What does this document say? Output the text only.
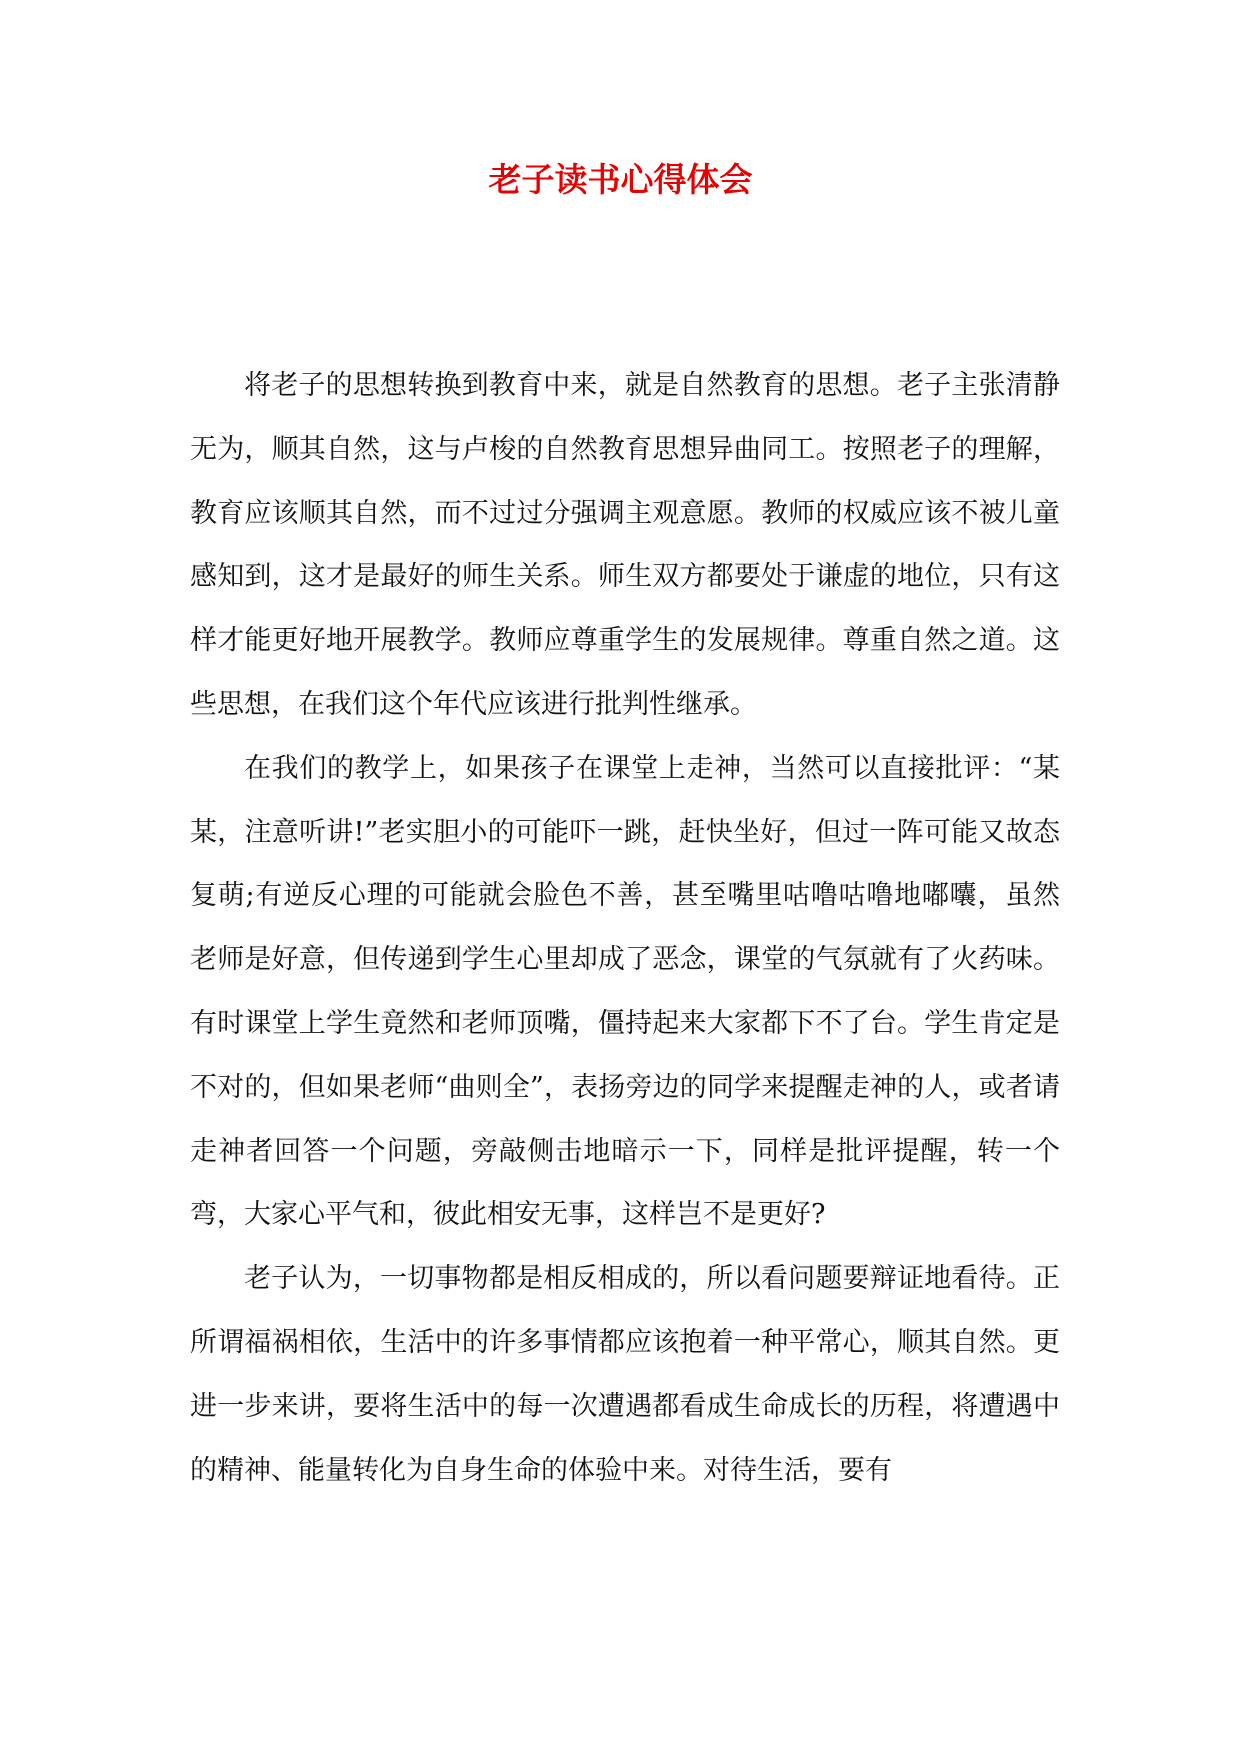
老子读书心得体会

将老子的思想转换到教育中来，就是自然教育的思想。老子主张清静无为，顺其自然，这与卢梭的自然教育思想异曲同工。按照老子的理解，教育应该顺其自然，而不过过分强调主观意愿。教师的权威应该不被儿童感知到，这才是最好的师生关系。师生双方都要处于谦虚的地位，只有这样才能更好地开展教学。教师应尊重学生的发展规律。尊重自然之道。这些思想，在我们这个年代应该进行批判性继承。

在我们的教学上，如果孩子在课堂上走神，当然可以直接批评：“某某，注意听讲!”老实胆小的可能吓一跳，赶快坐好，但过一阵可能又故态复萌;有逆反心理的可能就会脸色不善，甚至嘴里咕噜咕噜地嘟囔，虽然老师是好意，但传递到学生心里却成了恶念，课堂的气氛就有了火药味。有时课堂上学生竟然和老师顶嘴，僵持起来大家都下不了台。学生肯定是不对的，但如果老师“曲则全”，表扬旁边的同学来提醒走神的人，或者请走神者回答一个问题，旁敲侧击地暗示一下，同样是批评提醒，转一个弯，大家心平气和，彼此相安无事，这样岂不是更好?

老子认为，一切事物都是相反相成的，所以看问题要辩证地看待。正所谓福祸相依，生活中的许多事情都应该抱着一种平常心，顺其自然。更进一步来讲，要将生活中的每一次遭遇都看成生命成长的历程，将遭遇中的精神、能量转化为自身生命的体验中来。对待生活，要有
